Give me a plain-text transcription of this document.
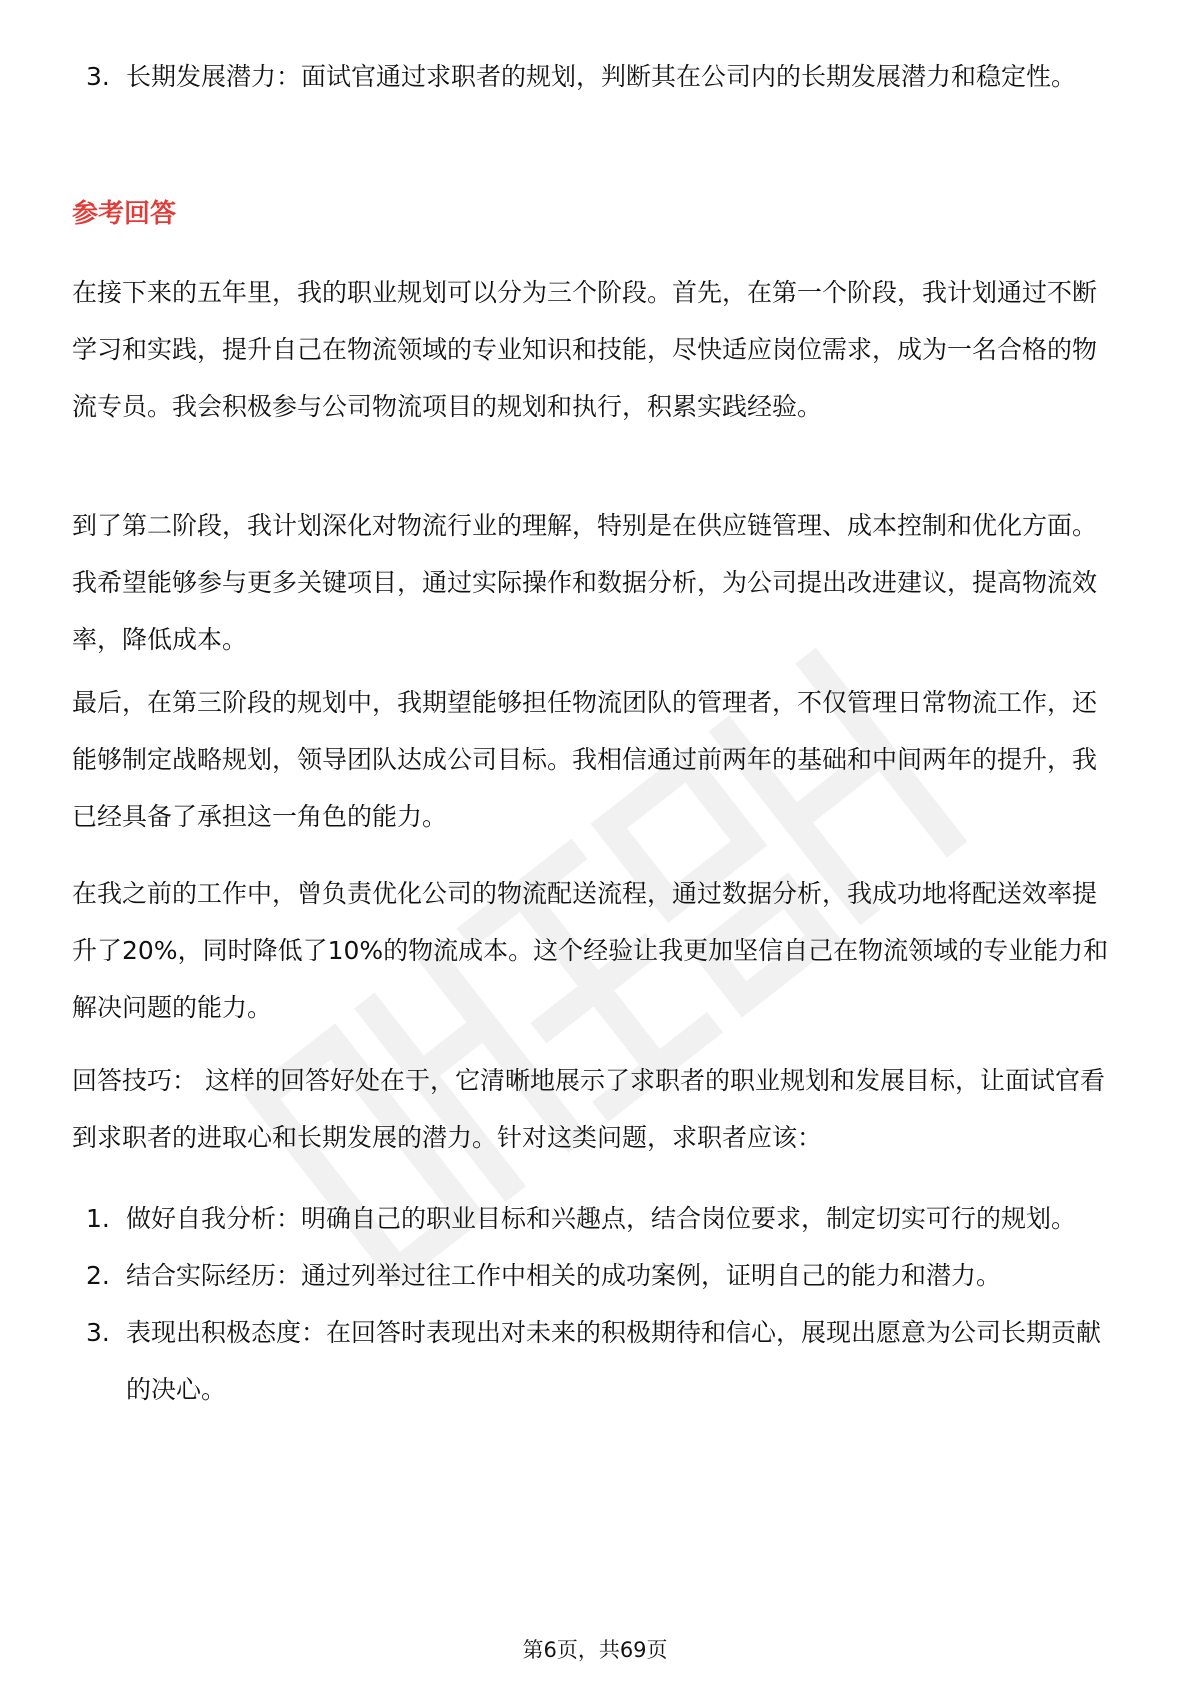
3. 长期发展潜力：面试官通过求职者的规划，判断其在公司内的长期发展潜力和稳定性。
参考回答

在接下来的五年里，我的职业规划可以分为三个阶段。首先，在第一个阶段，我计划通过不断学习和实践，提升自己在物流领域的专业知识和技能，尽快适应岗位需求，成为一名合格的物流专员。我会积极参与公司物流项目的规划和执行，积累实践经验。

到了第二阶段，我计划深化对物流行业的理解，特别是在供应链管理、成本控制和优化方面。我希望能够参与更多关键项目，通过实际操作和数据分析，为公司提出改进建议，提高物流效率，降低成本。

最后，在第三阶段的规划中，我期望能够担任物流团队的管理者，不仅管理日常物流工作，还能够制定战略规划，领导团队达成公司目标。我相信通过前两年的基础和中间两年的提升，我已经具备了承担这一角色的能力。

在我之前的工作中，曾负责优化公司的物流配送流程，通过数据分析，我成功地将配送效率提升了20%，同时降低了10%的物流成本。这个经验让我更加坚信自己在物流领域的专业能力和解决问题的能力。

回答技巧： 这样的回答好处在于，它清晰地展示了求职者的职业规划和发展目标，让面试官看到求职者的进取心和长期发展的潜力。针对这类问题，求职者应该：

1. 做好自我分析：明确自己的职业目标和兴趣点，结合岗位要求，制定切实可行的规划。
2. 结合实际经历：通过列举过往工作中相关的成功案例，证明自己的能力和潜力。
3. 表现出积极态度：在回答时表现出对未来的积极期待和信心，展现出愿意为公司长期贡献的决心。
第6页，共69页
